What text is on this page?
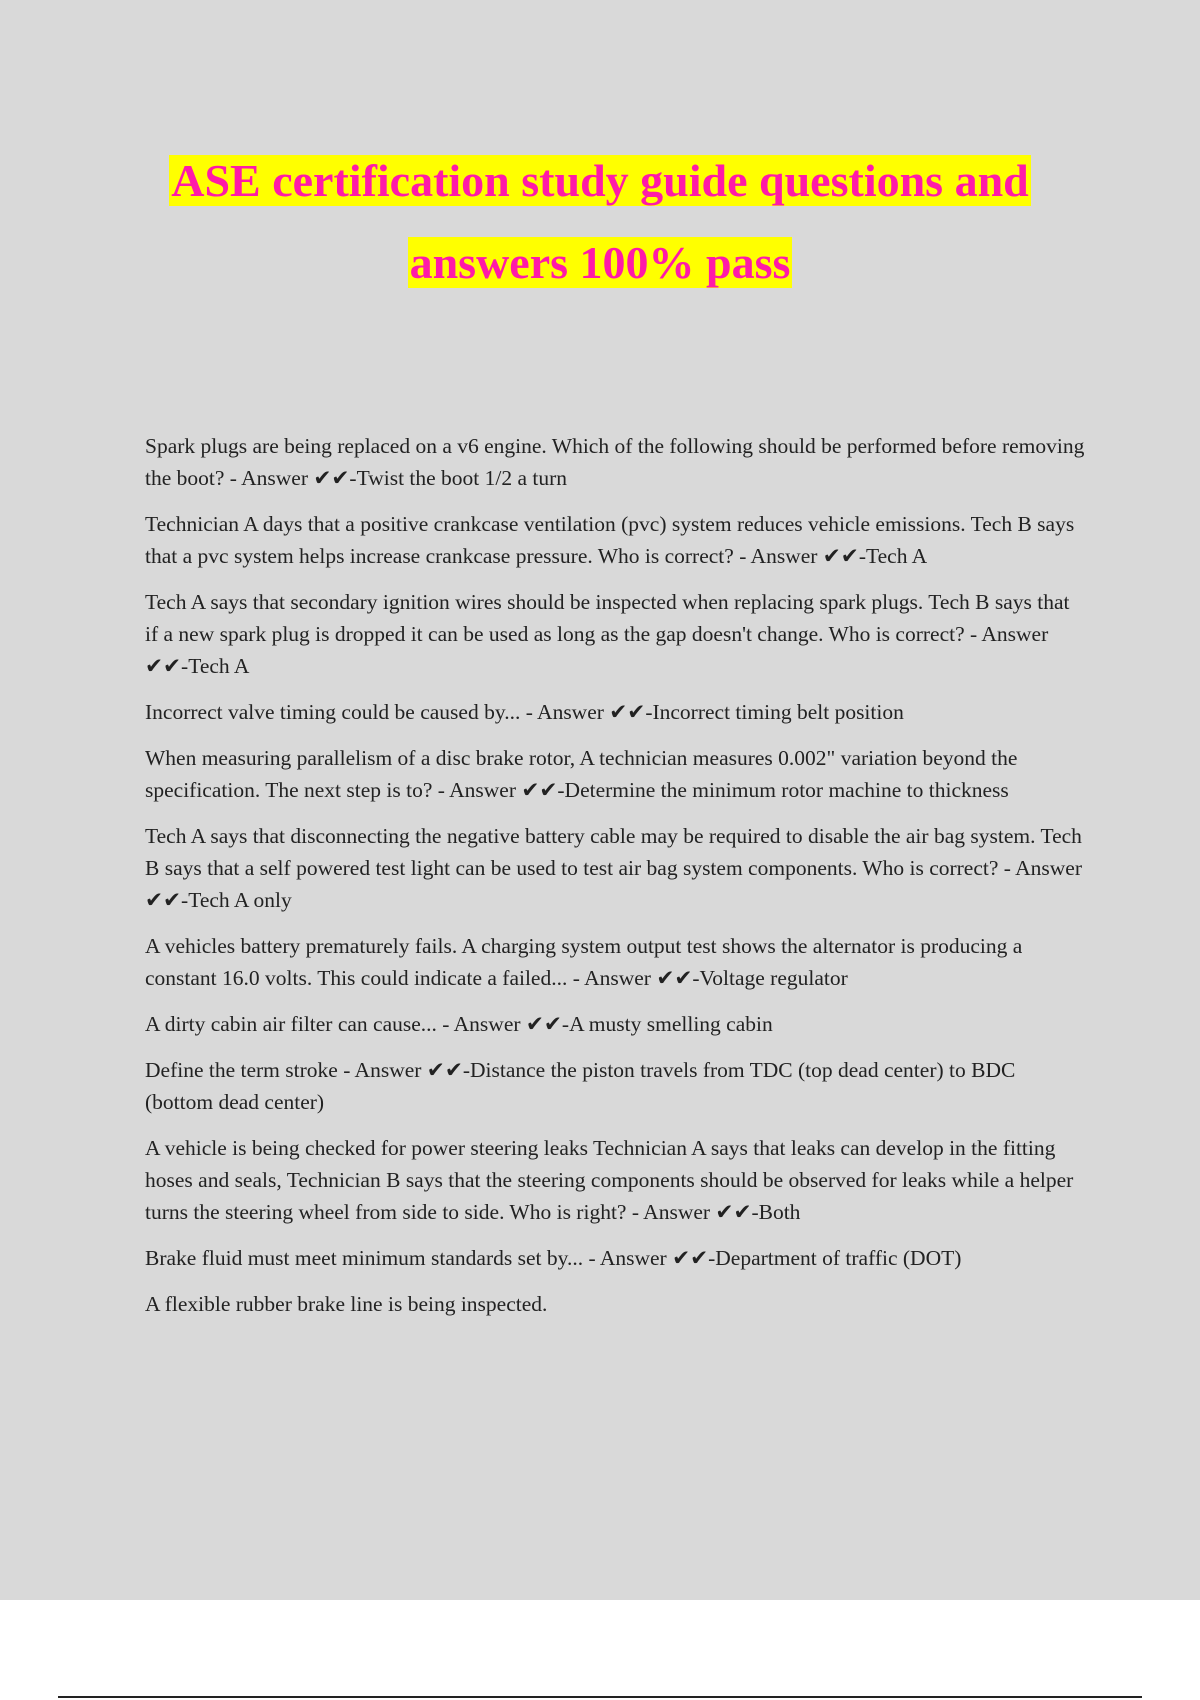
ASE certification study guide questions and
answers 100% pass
Spark plugs are being replaced on a v6 engine. Which of the following should be performed before removing the boot? - Answer ✔✔-Twist the boot 1/2 a turn
Technician A days that a positive crankcase ventilation (pvc) system reduces vehicle emissions. Tech B says that a pvc system helps increase crankcase pressure. Who is correct? - Answer ✔✔-Tech A
Tech A says that secondary ignition wires should be inspected when replacing spark plugs. Tech B says that if a new spark plug is dropped it can be used as long as the gap doesn't change. Who is correct? - Answer ✔✔-Tech A
Incorrect valve timing could be caused by... - Answer ✔✔-Incorrect timing belt position
When measuring parallelism of a disc brake rotor, A technician measures 0.002" variation beyond the specification. The next step is to? - Answer ✔✔-Determine the minimum rotor machine to thickness
Tech A says that disconnecting the negative battery cable may be required to disable the air bag system. Tech B says that a self powered test light can be used to test air bag system components. Who is correct? - Answer ✔✔-Tech A only
A vehicles battery prematurely fails. A charging system output test shows the alternator is producing a constant 16.0 volts. This could indicate a failed... - Answer ✔✔-Voltage regulator
A dirty cabin air filter can cause... - Answer ✔✔-A musty smelling cabin
Define the term stroke - Answer ✔✔-Distance the piston travels from TDC (top dead center) to BDC (bottom dead center)
A vehicle is being checked for power steering leaks Technician A says that leaks can develop in the fitting hoses and seals, Technician B says that the steering components should be observed for leaks while a helper turns the steering wheel from side to side. Who is right? - Answer ✔✔-Both
Brake fluid must meet minimum standards set by... - Answer ✔✔-Department of traffic (DOT)
A flexible rubber brake line is being inspected.
